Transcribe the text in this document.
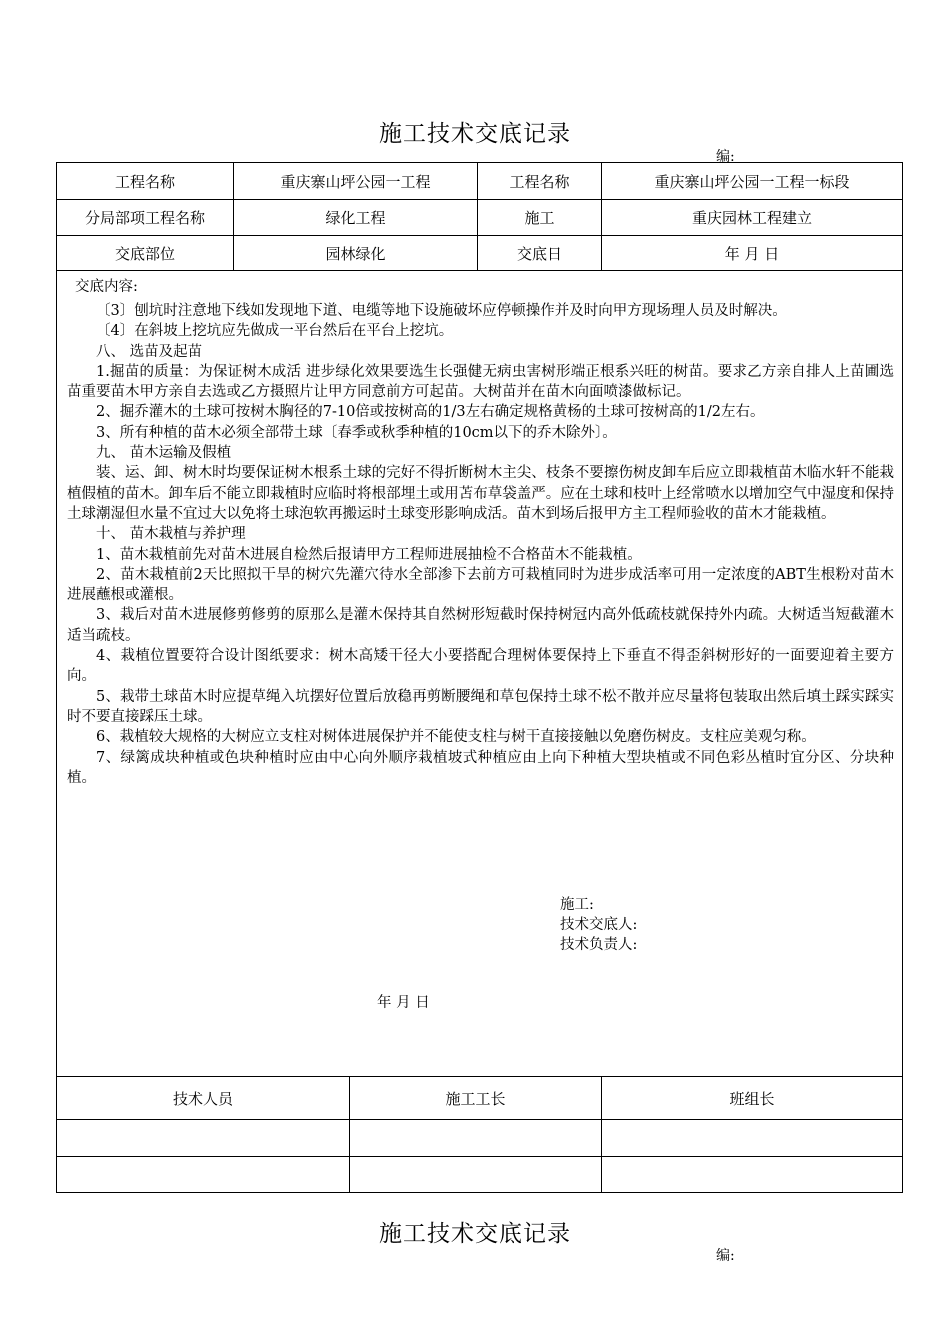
施工技术交底记录
编:
工程名称	重庆寨山坪公园一工程	工程名称	重庆寨山坪公园一工程一标段
分局部项工程名称	绿化工程	施工	重庆园林工程建立
交底部位	园林绿化	交底日	年 月 日
交底内容:

〔3〕刨坑时注意地下线如发现地下道、电缆等地下设施破坏应停顿操作并及时向甲方现场理人员及时解决。

〔4〕在斜坡上挖坑应先做成一平台然后在平台上挖坑。

八、 选苗及起苗

1.掘苗的质量：为保证树木成活 进步绿化效果要选生长强健无病虫害树形端正根系兴旺的树苗。要求乙方亲自排人上苗圃选苗重要苗木甲方亲自去选或乙方摄照片让甲方同意前方可起苗。大树苗并在苗木向面喷漆做标记。

2、掘乔灌木的土球可按树木胸径的7-10倍或按树高的1/3左右确定规格黄杨的土球可按树高的1/2左右。

3、所有种植的苗木必须全部带土球〔春季或秋季种植的10cm以下的乔木除外〕。

九、 苗木运输及假植

装、运、卸、树木时均要保证树木根系土球的完好不得折断树木主尖、枝条不要擦伤树皮卸车后应立即栽植苗木临水轩不能栽植假植的苗木。卸车后不能立即栽植时应临时将根部埋土或用苫布草袋盖严。应在土球和枝叶上经常喷水以增加空气中湿度和保持土球潮湿但水量不宜过大以免将土球泡软再搬运时土球变形影响成活。苗木到场后报甲方主工程师验收的苗木才能栽植。

十、 苗木栽植与养护理

1、苗木栽植前先对苗木进展自检然后报请甲方工程师进展抽检不合格苗木不能栽植。

2、苗木栽植前2天比照拟干旱的树穴先灌穴待水全部渗下去前方可栽植同时为进步成活率可用一定浓度的ABT生根粉对苗木进展蘸根或灌根。

3、栽后对苗木进展修剪修剪的原那么是灌木保持其自然树形短截时保持树冠内高外低疏枝就保持外内疏。大树适当短截灌木适当疏枝。

4、栽植位置要符合设计图纸要求：树木高矮干径大小要搭配合理树体要保持上下垂直不得歪斜树形好的一面要迎着主要方向。

5、栽带土球苗木时应提草绳入坑摆好位置后放稳再剪断腰绳和草包保持土球不松不散并应尽量将包装取出然后填土踩实踩实时不要直接踩压土球。

6、栽植较大规格的大树应立支柱对树体进展保护并不能使支柱与树干直接接触以免磨伤树皮。支柱应美观匀称。

7、绿篱成块种植或色块种植时应由中心向外顺序栽植坡式种植应由上向下种植大型块植或不同色彩丛植时宜分区、分块种植。

施工:
技术交底人:
技术负责人:
年 月 日
技术人员	施工工长	班组长
施工技术交底记录
编:
